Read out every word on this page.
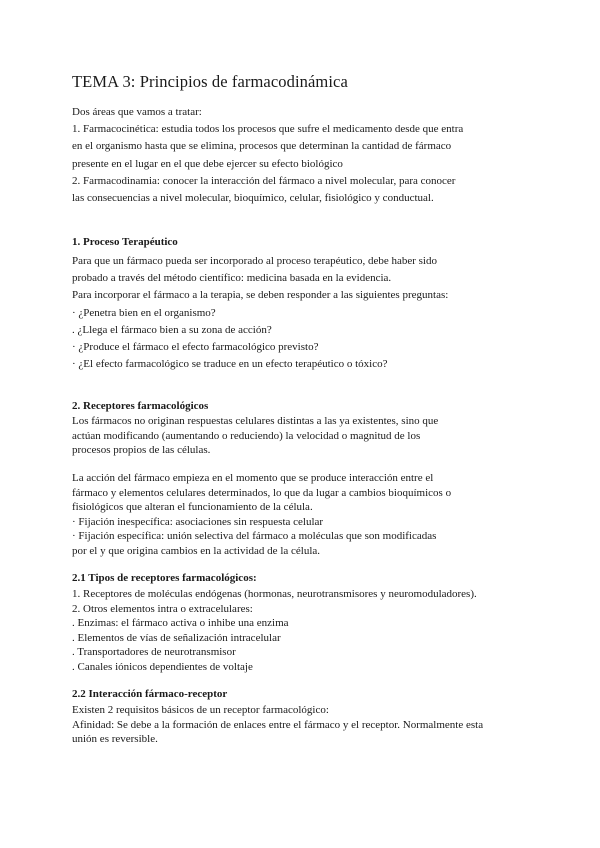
TEMA 3: Principios de farmacodinámica
Dos áreas que vamos a tratar:
1. Farmacocinética: estudia todos los procesos que sufre el medicamento desde que entra
en el organismo hasta que se elimina, procesos que determinan la cantidad de fármaco
presente en el lugar en el que debe ejercer su efecto biológico
2. Farmacodinamia: conocer la interacción del fármaco a nivel molecular, para conocer
las consecuencias a nivel molecular, bioquímico, celular, fisiológico y conductual.
1. Proceso Terapéutico
Para que un fármaco pueda ser incorporado al proceso terapéutico, debe haber sido
probado a través del método científico: medicina basada en la evidencia.
Para incorporar el fármaco a la terapia, se deben responder a las siguientes preguntas:
· ¿Penetra bien en el organismo?
. ¿Llega el fármaco bien a su zona de acción?
· ¿Produce el fármaco el efecto farmacológico previsto?
· ¿El efecto farmacológico se traduce en un efecto terapéutico o tóxico?
2. Receptores farmacológicos
Los fármacos no originan respuestas celulares distintas a las ya existentes, sino que
actúan modificando (aumentando o reduciendo) la velocidad o magnitud de los
procesos propios de las células.
La acción del fármaco empieza en el momento que se produce interacción entre el
fármaco y elementos celulares determinados, lo que da lugar a cambios bioquímicos o
fisiológicos que alteran el funcionamiento de la célula.
· Fijación inespecífica: asociaciones sin respuesta celular
· Fijación específica: unión selectiva del fármaco a moléculas que son modificadas
por el y que origina cambios en la actividad de la célula.
2.1 Tipos de receptores farmacológicos:
1. Receptores de moléculas endógenas (hormonas, neurotransmisores y neuromoduladores).
2. Otros elementos intra o extracelulares:
. Enzimas: el fármaco activa o inhibe una enzima
. Elementos de vías de señalización intracelular
. Transportadores de neurotransmisor
. Canales iónicos dependientes de voltaje
2.2 Interacción fármaco-receptor
Existen 2 requisitos básicos de un receptor farmacológico:
Afinidad: Se debe a la formación de enlaces entre el fármaco y el receptor. Normalmente esta
unión es reversible.
